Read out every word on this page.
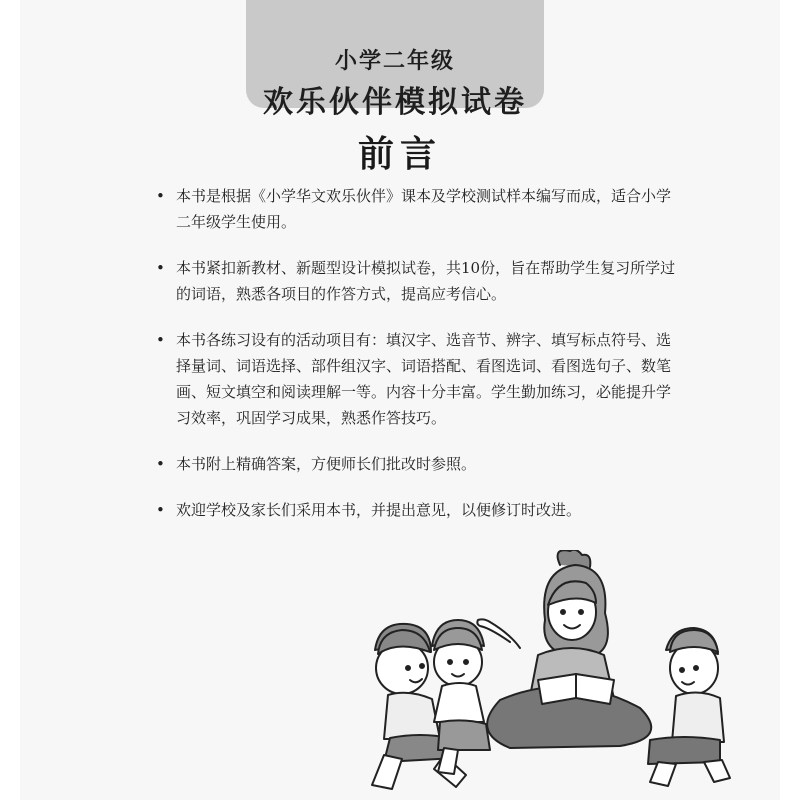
小学二年级
欢乐伙伴模拟试卷
前言
• 本书是根据《小学华文欢乐伙伴》课本及学校测试样本编写而成，适合小学二年级学生使用。
• 本书紧扣新教材、新题型设计模拟试卷，共10份，旨在帮助学生复习所学过的词语，熟悉各项目的作答方式，提高应考信心。
• 本书各练习设有的活动项目有：填汉字、选音节、辨字、填写标点符号、选择量词、词语选择、部件组汉字、词语搭配、看图选词、看图选句子、数笔画、短文填空和阅读理解一等。内容十分丰富。学生勤加练习，必能提升学习效率，巩固学习成果，熟悉作答技巧。
• 本书附上精确答案，方便师长们批改时参照。
• 欢迎学校及家长们采用本书，并提出意见，以便修订时改进。
